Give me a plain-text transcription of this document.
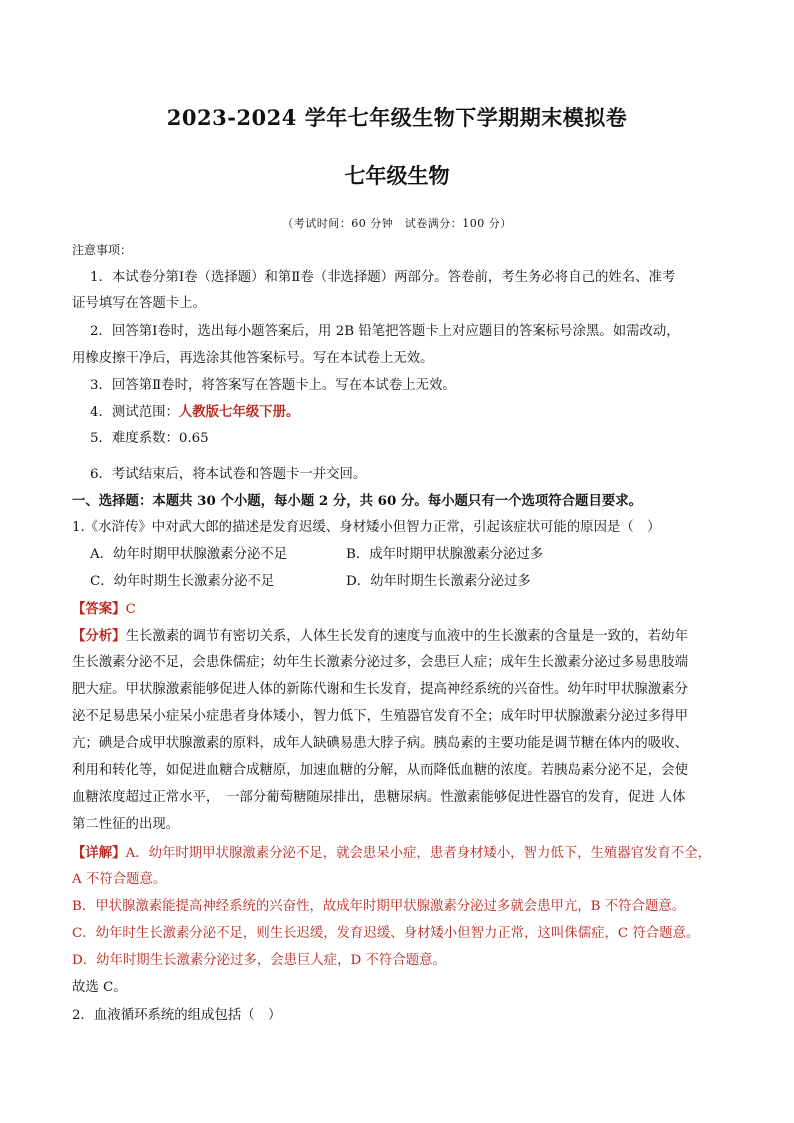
2023-2024 学年七年级生物下学期期末模拟卷
七年级生物
（考试时间：60 分钟　试卷满分：100 分）
注意事项：
1．本试卷分第Ⅰ卷（选择题）和第Ⅱ卷（非选择题）两部分。答卷前，考生务必将自己的姓名、准考
证号填写在答题卡上。
2．回答第Ⅰ卷时，选出每小题答案后，用 2B 铅笔把答题卡上对应题目的答案标号涂黑。如需改动，
用橡皮擦干净后，再选涂其他答案标号。写在本试卷上无效。
3．回答第Ⅱ卷时，将答案写在答题卡上。写在本试卷上无效。
4．测试范围：人教版七年级下册。
5．难度系数：0.65
6．考试结束后，将本试卷和答题卡一并交回。
一、选择题：本题共 30 个小题，每小题 2 分，共 60 分。每小题只有一个选项符合题目要求。
1.《水浒传》中对武大郎的描述是发育迟缓、身材矮小但智力正常，引起该症状可能的原因是（　）
A．幼年时期甲状腺激素分泌不足	B．成年时期甲状腺激素分泌过多
C．幼年时期生长激素分泌不足	D．幼年时期生长激素分泌过多
【答案】C
【分析】生长激素的调节有密切关系，人体生长发育的速度与血液中的生长激素的含量是一致的，若幼年
生长激素分泌不足，会患侏儒症；幼年生长激素分泌过多，会患巨人症；成年生长激素分泌过多易患肢端
肥大症。甲状腺激素能够促进人体的新陈代谢和生长发育，提高神经系统的兴奋性。幼年时甲状腺激素分
泌不足易患呆小症呆小症患者身体矮小，智力低下，生殖器官发育不全；成年时甲状腺激素分泌过多得甲
亢；碘是合成甲状腺激素的原料，成年人缺碘易患大脖子病。胰岛素的主要功能是调节糖在体内的吸收、
利用和转化等，如促进血糖合成糖原，加速血糖的分解，从而降低血糖的浓度。若胰岛素分泌不足，会使
血糖浓度超过正常水平，　一部分葡萄糖随尿排出，患糖尿病。性激素能够促进性器官的发育，促进 人体
第二性征的出现。
【详解】A．幼年时期甲状腺激素分泌不足，就会患呆小症，患者身材矮小，智力低下，生殖器官发育不全，
A 不符合题意。
B．甲状腺激素能提高神经系统的兴奋性，故成年时期甲状腺激素分泌过多就会患甲亢，B 不符合题意。
C．幼年时生长激素分泌不足，则生长迟缓，发育迟缓、身材矮小但智力正常，这叫侏儒症，C 符合题意。
D．幼年时期生长激素分泌过多，会患巨人症，D 不符合题意。
故选 C。
2．血液循环系统的组成包括（　）
